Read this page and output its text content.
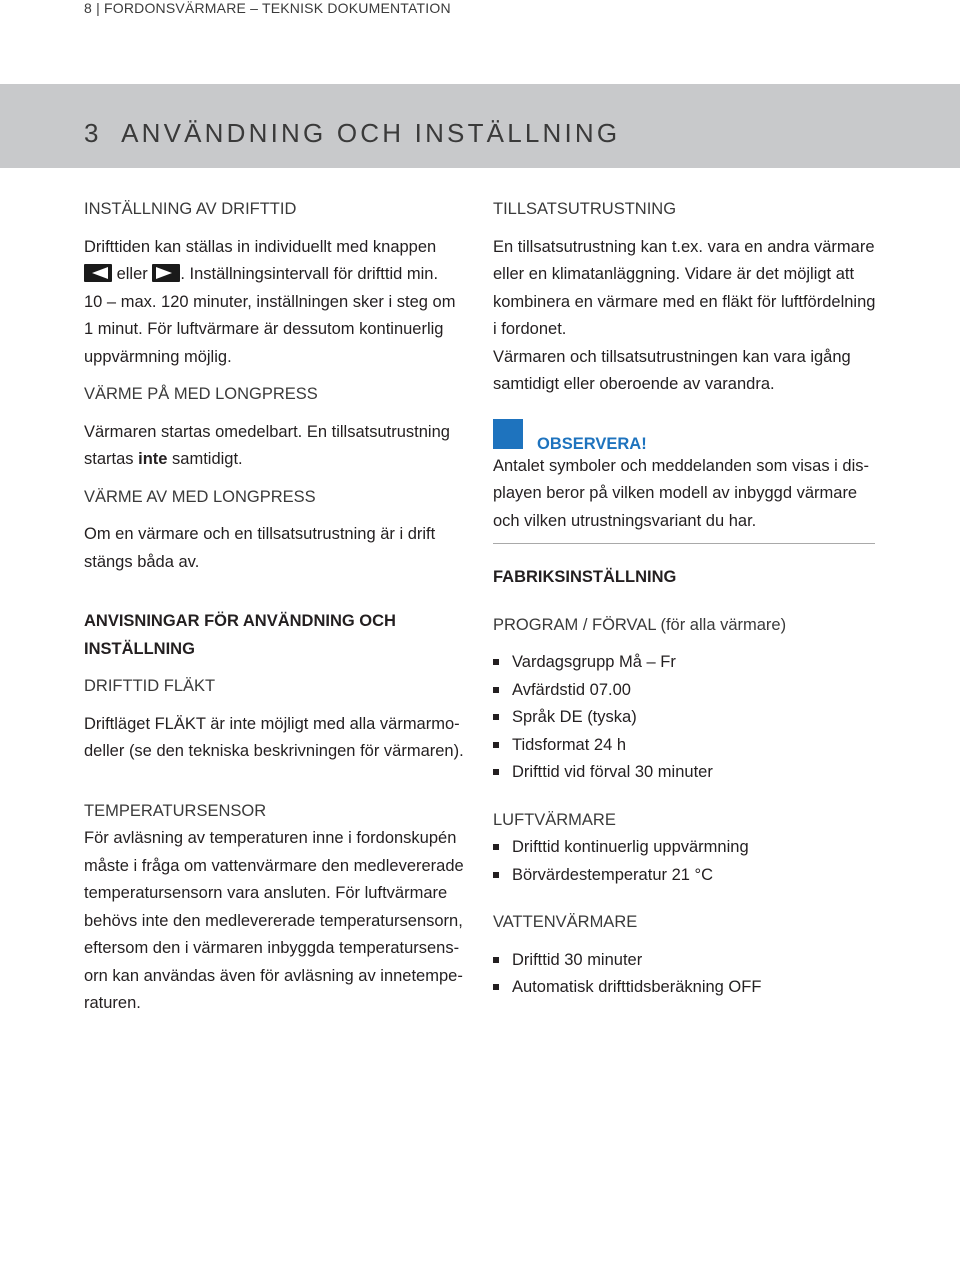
8 | FORDONSVÄRMARE – TEKNISK DOKUMENTATION
3  ANVÄNDNING OCH INSTÄLLNING

INSTÄLLNING AV DRIFTTID

Drifttiden kan ställas in individuellt med knappen

eller
. Inställningsintervall för drifttid min.

10 – max. 120 minuter, inställningen sker i steg om

1 minut. För luftvärmare är dessutom kontinuerlig

uppvärmning möjlig.

VÄRME PÅ MED LONGPRESS

Värmaren startas omedelbart. En tillsatsutrustning

startas inte samtidigt.

VÄRME AV MED LONGPRESS

Om en värmare och en tillsatsutrustning är i drift

stängs båda av.

ANVISNINGAR FÖR ANVÄNDNING OCH

INSTÄLLNING

DRIFTTID FLÄKT

Driftläget FLÄKT är inte möjligt med alla värmarmo-

deller (se den tekniska beskrivningen för värmaren).

TEMPERATURSENSOR

För avläsning av temperaturen inne i fordonskupén

måste i fråga om vattenvärmare den medlevererade

temperatursensorn vara ansluten. För luftvärmare

behövs inte den medlevererade temperatursensorn,

eftersom den i värmaren inbyggda temperatursens-

orn kan användas även för avläsning av innetempe-

raturen.

TILLSATSUTRUSTNING

En tillsatsutrustning kan t.ex. vara en andra värmare

eller en klimatanläggning. Vidare är det möjligt att

kombinera en värmare med en fläkt för luftfördelning

i fordonet.

Värmaren och tillsatsutrustningen kan vara igång

samtidigt eller oberoende av varandra.

OBSERVERA!

Antalet symboler och meddelanden som visas i dis-

playen beror på vilken modell av inbyggd värmare

och vilken utrustningsvariant du har.

FABRIKSINSTÄLLNING

PROGRAM / FÖRVAL (för alla värmare)

Vardagsgrupp Må – Fr
Avfärdstid 07.00
Språk DE (tyska)
Tidsformat 24 h
Drifttid vid förval 30 minuter

LUFTVÄRMARE

Drifttid kontinuerlig uppvärmning
Börvärdestemperatur 21 °C

VATTENVÄRMARE

Drifttid 30 minuter
Automatisk drifttidsberäkning OFF
